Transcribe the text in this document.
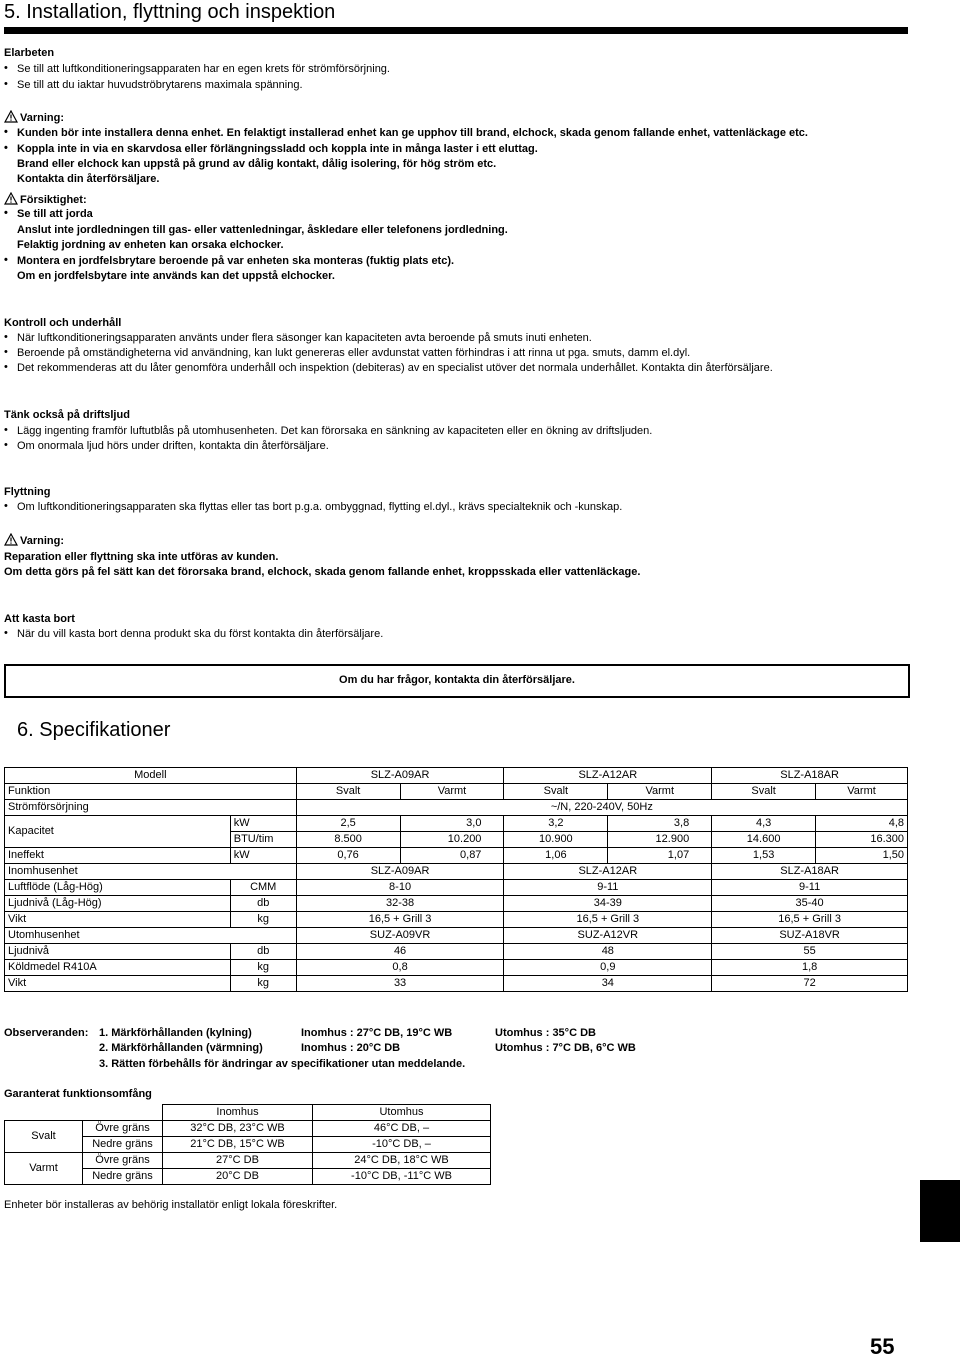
5. Installation, flyttning och inspektion
Elarbeten
• Se till att luftkonditioneringsapparaten har en egen krets för strömförsörjning.
• Se till att du iaktar huvudströbrytarens maximala spänning.
Varning:
• Kunden bör inte installera denna enhet. En felaktigt installerad enhet kan ge upphov till brand, elchock, skada genom fallande enhet, vattenläckage etc.
• Koppla inte in via en skarvdosa eller förlängningssladd och koppla inte in många laster i ett eluttag.
Brand eller elchock kan uppstå på grund av dålig kontakt, dålig isolering, för hög ström etc.
Kontakta din återförsäljare.
Försiktighet:
• Se till att jorda
Anslut inte jordledningen till gas- eller vattenledningar, åskledare eller telefonens jordledning.
Felaktig jordning av enheten kan orsaka elchocker.
• Montera en jordfelsbrytare beroende på var enheten ska monteras (fuktig plats etc).
Om en jordfelsbytare inte används kan det uppstå elchocker.
Kontroll och underhåll
• När luftkonditioneringsapparaten använts under flera säsonger kan kapaciteten avta beroende på smuts inuti enheten.
• Beroende på omständigheterna vid användning, kan lukt genereras eller avdunstat vatten förhindras i att rinna ut pga. smuts, damm el.dyl.
• Det rekommenderas att du låter genomföra underhåll och inspektion (debiteras) av en specialist utöver det normala underhållet. Kontakta din återförsäljare.
Tänk också på driftsljud
• Lägg ingenting framför luftutblås på utomhusenheten. Det kan förorsaka en sänkning av kapaciteten eller en ökning av driftsljuden.
• Om onormala ljud hörs under driften, kontakta din återförsäljare.
Flyttning
• Om luftkonditioneringsapparaten ska flyttas eller tas bort p.g.a. ombyggnad, flytting el.dyl., krävs specialteknik och -kunskap.
Varning:
Reparation eller flyttning ska inte utföras av kunden.
Om detta görs på fel sätt kan det förorsaka brand, elchock, skada genom fallande enhet, kroppsskada eller vattenläckage.
Att kasta bort
• När du vill kasta bort denna produkt ska du först kontakta din återförsäljare.
Om du har frågor, kontakta din återförsäljare.
6. Specifikationer
Modell		SLZ-A09AR		SLZ-A12AR		SLZ-A18AR	
Funktion		Svalt	Varmt	Svalt	Varmt	Svalt	Varmt
Strömförsörjning		~/N, 220-240V, 50Hz					
Kapacitet	kW	2,5	3,0	3,2	3,8	4,3	4,8
	BTU/tim	8.500	10.200	10.900	12.900	14.600	16.300
Ineffekt	kW	0,76	0,87	1,06	1,07	1,53	1,50
Inomhusenhet		SLZ-A09AR		SLZ-A12AR		SLZ-A18AR	
Luftflöde (Låg-Hög)	CMM	8-10		9-11		9-11	
Ljudnivå (Låg-Hög)	db	32-38		34-39		35-40	
Vikt	kg	16,5 + Grill 3		16,5 + Grill 3		16,5 + Grill 3	
Utomhusenhet		SUZ-A09VR		SUZ-A12VR		SUZ-A18VR	
Ljudnivå	db	46		48		55	
Köldmedel R410A	kg	0,8		0,9		1,8	
Vikt	kg	33		34		72	
Observeranden: 1. Märkförhållanden (kylning)	Inomhus : 27°C DB, 19°C WB	Utomhus : 35°C DB
2. Märkförhållanden (värmning)	Inomhus : 20°C DB	Utomhus : 7°C DB, 6°C WB
3. Rätten förbehålls för ändringar av specifikationer utan meddelande.
Garanterat funktionsomfång
		Inomhus	Utomhus
Svalt	Övre gräns	32°C DB, 23°C WB	46°C DB, –
	Nedre gräns	21°C DB, 15°C WB	-10°C DB, –
Varmt	Övre gräns	27°C DB	24°C DB, 18°C WB
	Nedre gräns	20°C DB	-10°C DB, -11°C WB
Enheter bör installeras av behörig installatör enligt lokala föreskrifter.
55
